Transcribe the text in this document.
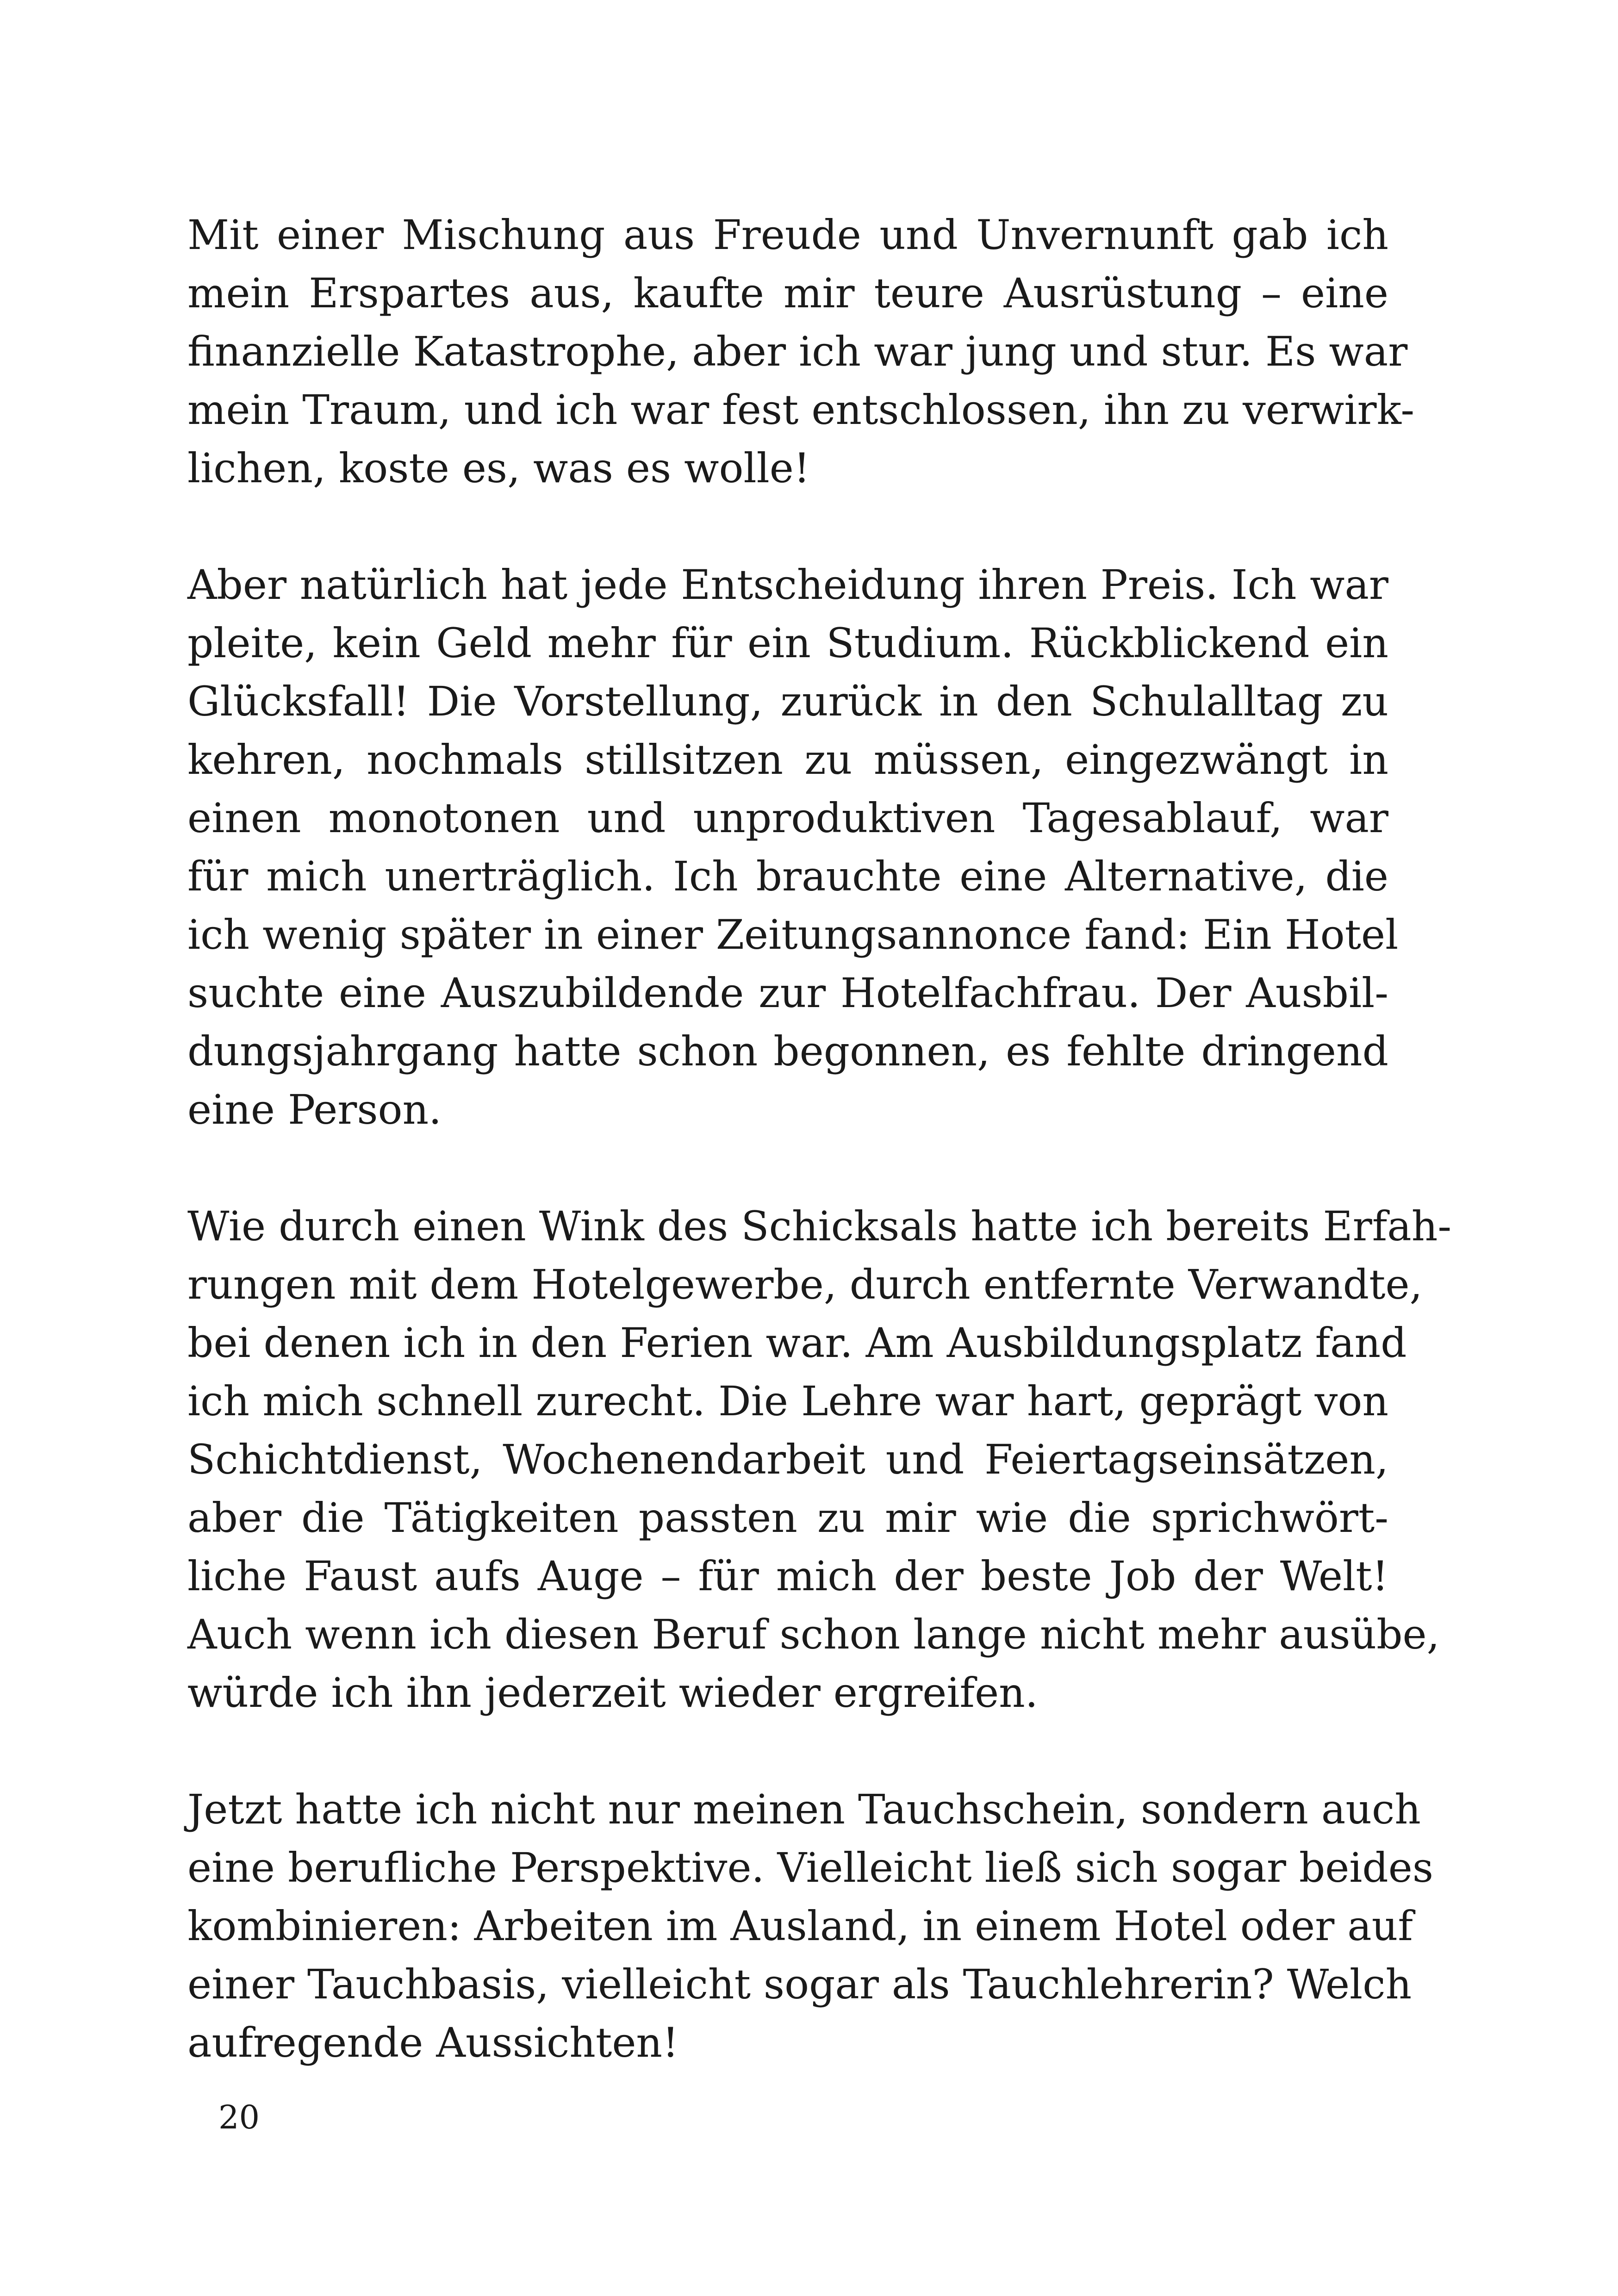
Mit einer Mischung aus Freude und Unvernunft gab ich
mein Erspartes aus, kaufte mir teure Ausrüstung – eine
finanzielle Katastrophe, aber ich war jung und stur. Es war
mein Traum, und ich war fest entschlossen, ihn zu verwirk-
lichen, koste es, was es wolle!

Aber natürlich hat jede Entscheidung ihren Preis. Ich war
pleite, kein Geld mehr für ein Studium. Rückblickend ein
Glücksfall! Die Vorstellung, zurück in den Schulalltag zu
kehren, nochmals stillsitzen zu müssen, eingezwängt in
einen monotonen und unproduktiven Tagesablauf, war
für mich unerträglich. Ich brauchte eine Alternative, die
ich wenig später in einer Zeitungsannonce fand: Ein Hotel
suchte eine Auszubildende zur Hotelfachfrau. Der Ausbil-
dungsjahrgang hatte schon begonnen, es fehlte dringend
eine Person.

Wie durch einen Wink des Schicksals hatte ich bereits Erfah-
rungen mit dem Hotelgewerbe, durch entfernte Verwandte,
bei denen ich in den Ferien war. Am Ausbildungsplatz fand
ich mich schnell zurecht. Die Lehre war hart, geprägt von
Schichtdienst, Wochenendarbeit und Feiertagseinsätzen,
aber die Tätigkeiten passten zu mir wie die sprichwört-
liche Faust aufs Auge – für mich der beste Job der Welt!
Auch wenn ich diesen Beruf schon lange nicht mehr ausübe,
würde ich ihn jederzeit wieder ergreifen.

Jetzt hatte ich nicht nur meinen Tauchschein, sondern auch
eine berufliche Perspektive. Vielleicht ließ sich sogar beides
kombinieren: Arbeiten im Ausland, in einem Hotel oder auf
einer Tauchbasis, vielleicht sogar als Tauchlehrerin? Welch
aufregende Aussichten!

20
